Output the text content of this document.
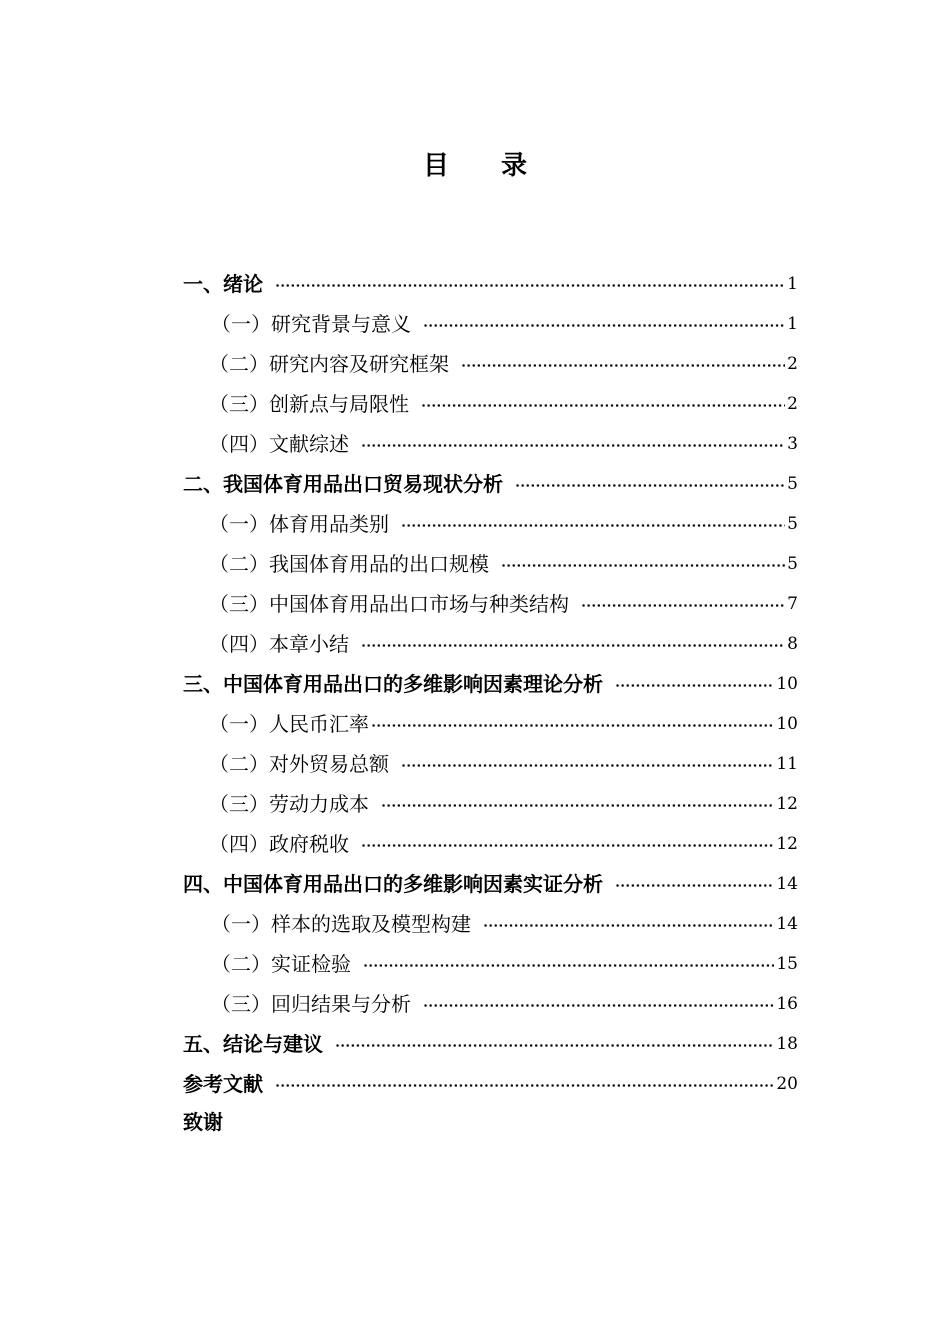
目　　录
一、绪论	1
（一）研究背景与意义	1
（二）研究内容及研究框架	2
（三）创新点与局限性	2
（四）文献综述	3
二、我国体育用品出口贸易现状分析	5
（一）体育用品类别	5
（二）我国体育用品的出口规模	5
（三）中国体育用品出口市场与种类结构	7
（四）本章小结	8
三、中国体育用品出口的多维影响因素理论分析	10
（一）人民币汇率	10
（二）对外贸易总额	11
（三）劳动力成本	12
（四）政府税收	12
四、中国体育用品出口的多维影响因素实证分析	14
（一）样本的选取及模型构建	14
（二）实证检验	15
（三）回归结果与分析	16
五、结论与建议	18
参考文献	20
致谢
